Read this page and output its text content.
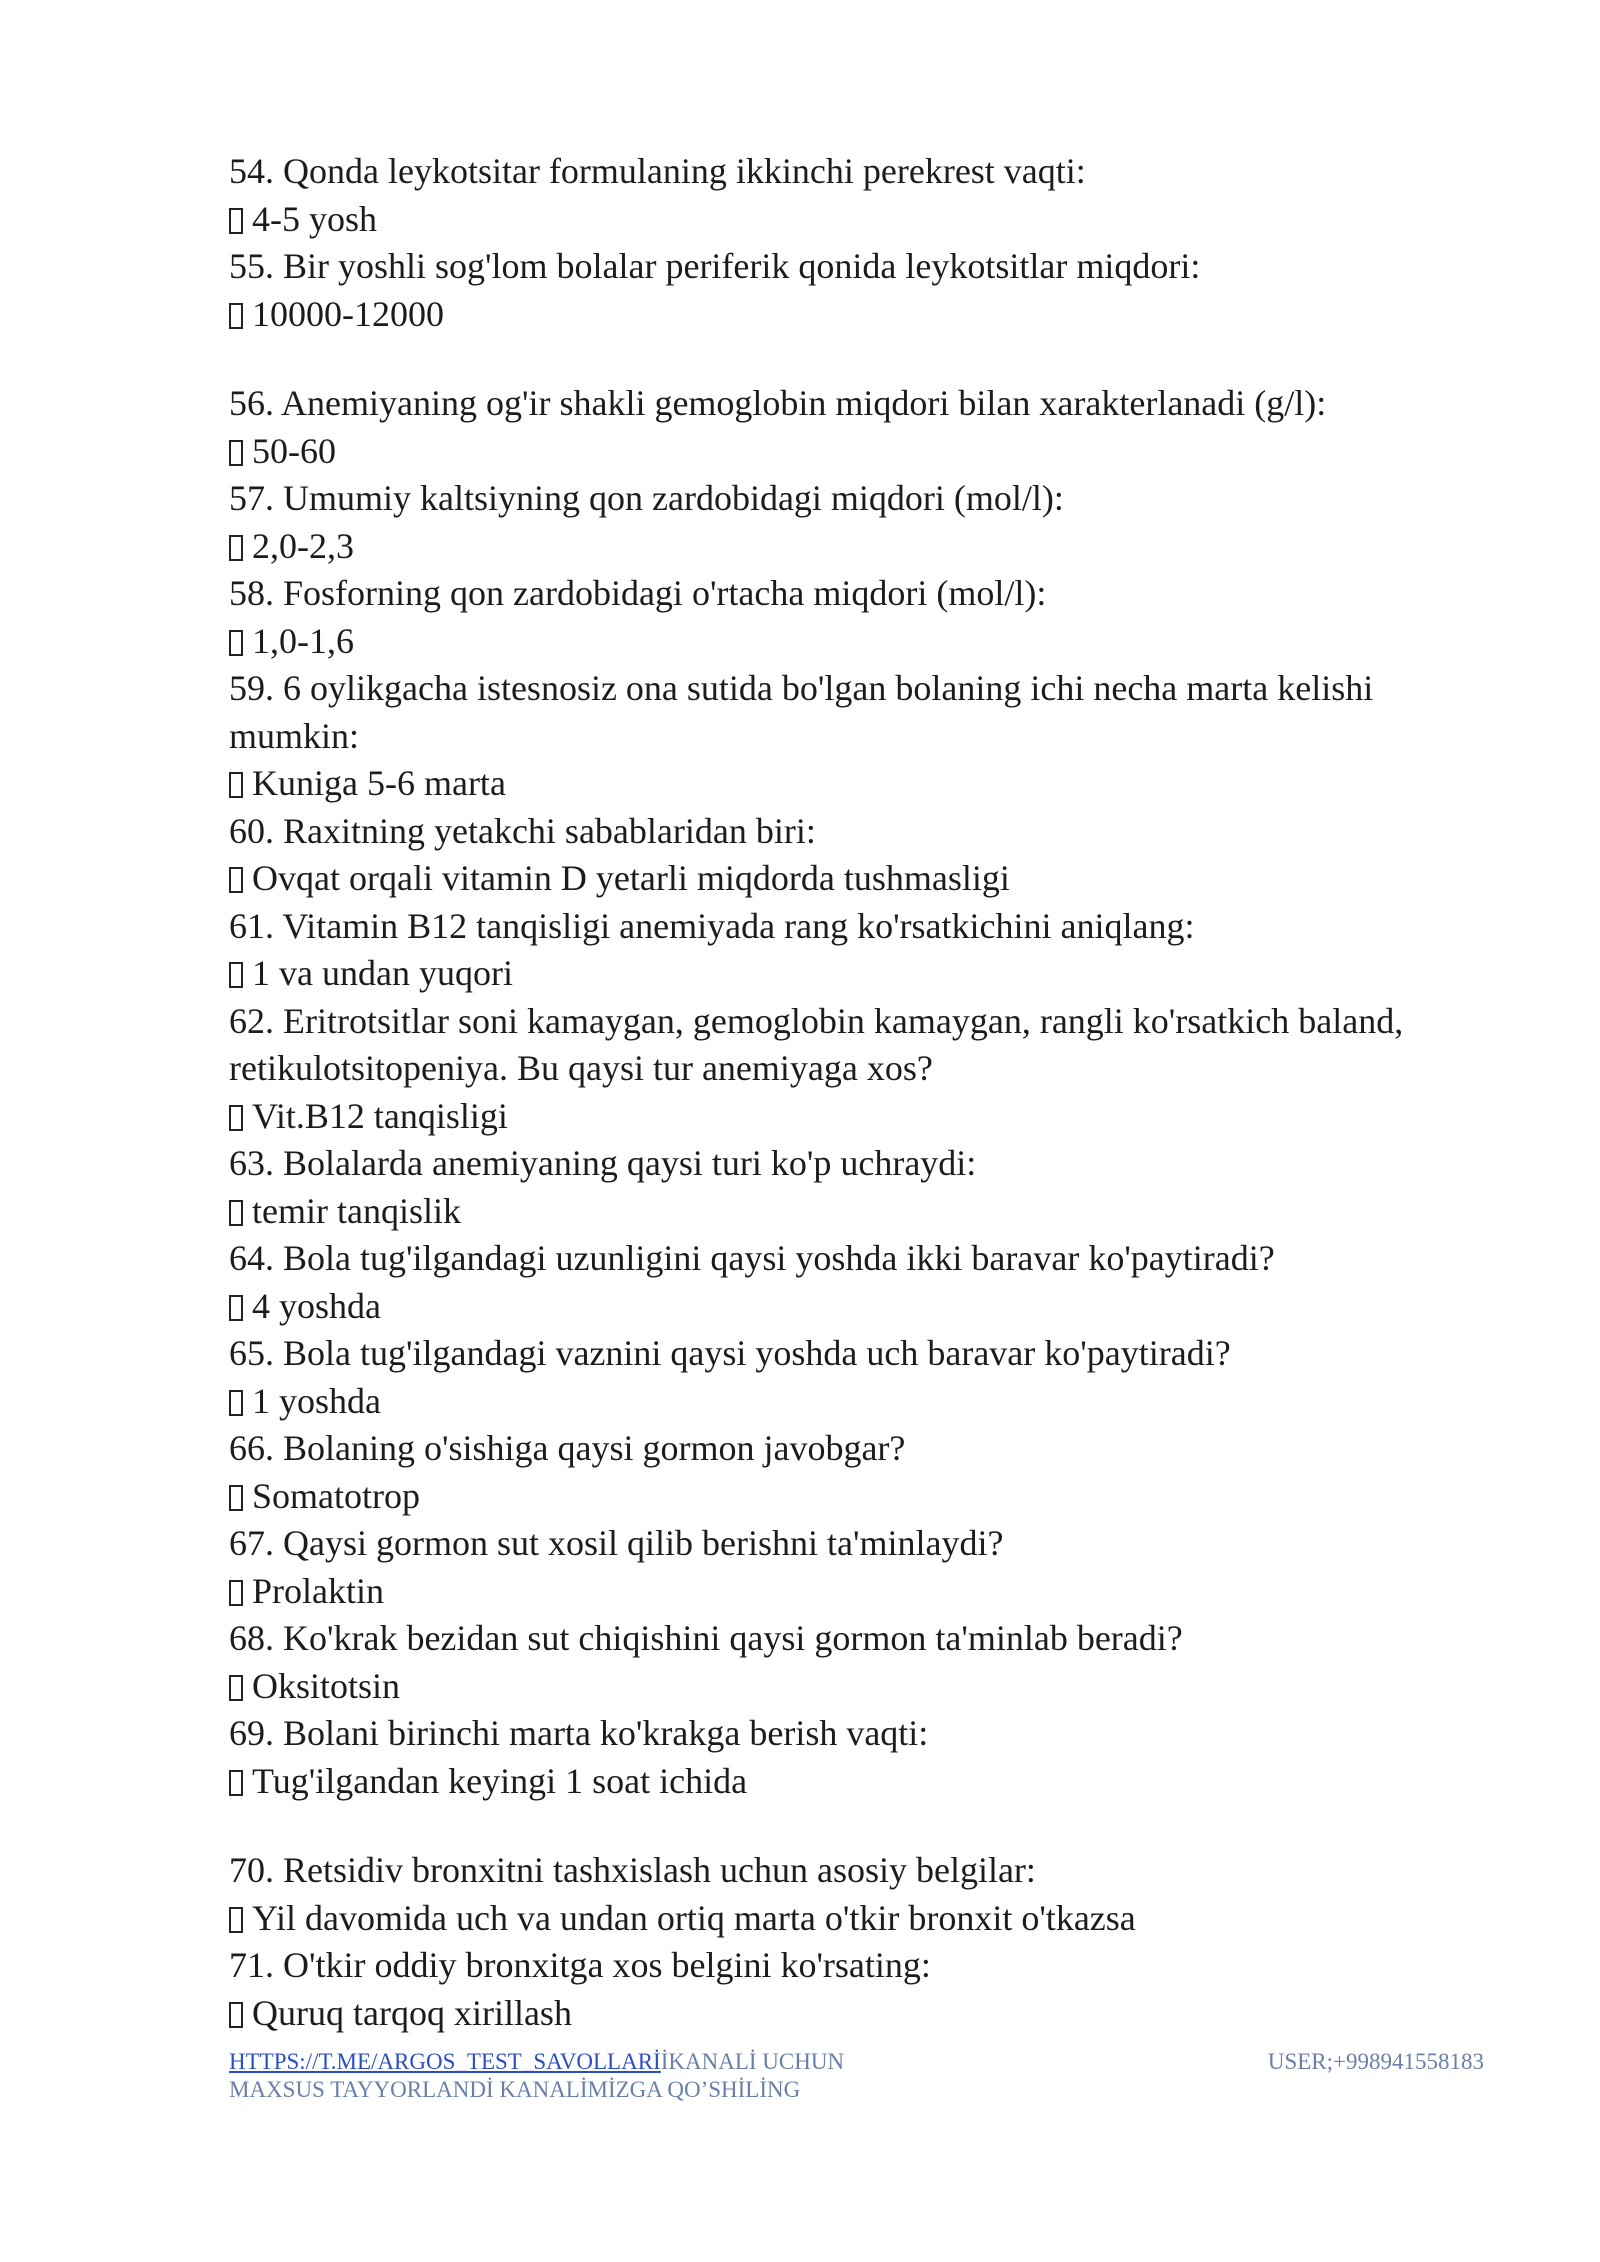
54. Qonda leykotsitar formulaning ikkinchi perekrest vaqti:
4-5 yosh
55. Bir yoshli sog'lom bolalar periferik qonida leykotsitlar miqdori:
10000-12000
56. Anemiyaning og'ir shakli gemoglobin miqdori bilan xarakterlanadi (g/l):
50-60
57. Umumiy kaltsiyning qon zardobidagi miqdori (mol/l):
2,0-2,3
58. Fosforning qon zardobidagi o'rtacha miqdori (mol/l):
1,0-1,6
59. 6 oylikgacha istesnosiz ona sutida bo'lgan bolaning ichi necha marta kelishi mumkin:
Kuniga 5-6 marta
60. Raxitning yetakchi sabablaridan biri:
Ovqat orqali vitamin D yetarli miqdorda tushmasligi
61. Vitamin B12 tanqisligi anemiyada rang ko'rsatkichini aniqlang:
1 va undan yuqori
62. Eritrotsitlar soni kamaygan, gemoglobin kamaygan, rangli ko'rsatkich baland, retikulotsitopeniya. Bu qaysi tur anemiyaga xos?
Vit.B12 tanqisligi
63. Bolalarda anemiyaning qaysi turi ko'p uchraydi:
temir tanqislik
64. Bola tug'ilgandagi uzunligini qaysi yoshda ikki baravar ko'paytiradi?
4 yoshda
65. Bola tug'ilgandagi vaznini qaysi yoshda uch baravar ko'paytiradi?
1 yoshda
66. Bolaning o'sishiga qaysi gormon javobgar?
Somatotrop
67. Qaysi gormon sut xosil qilib berishni ta'minlaydi?
Prolaktin
68. Ko'krak bezidan sut chiqishini qaysi gormon ta'minlab beradi?
Oksitotsin
69. Bolani birinchi marta ko'krakga berish vaqti:
Tug'ilgandan keyingi 1 soat ichida
70. Retsidiv bronxitni tashxislash uchun asosiy belgilar:
Yil davomida uch va undan ortiq marta o'tkir bronxit o'tkazsa
71. O'tkir oddiy bronxitga xos belgini ko'rsating:
Quruq tarqoq xirillash
HTTPS://T.ME/ARGOS_TEST_SAVOLLARİİKANALİ UCHUN MAXSUS TAYYORLANDİ KANALİMİZGA QO’SHİLİNG
USER;+998941558183
